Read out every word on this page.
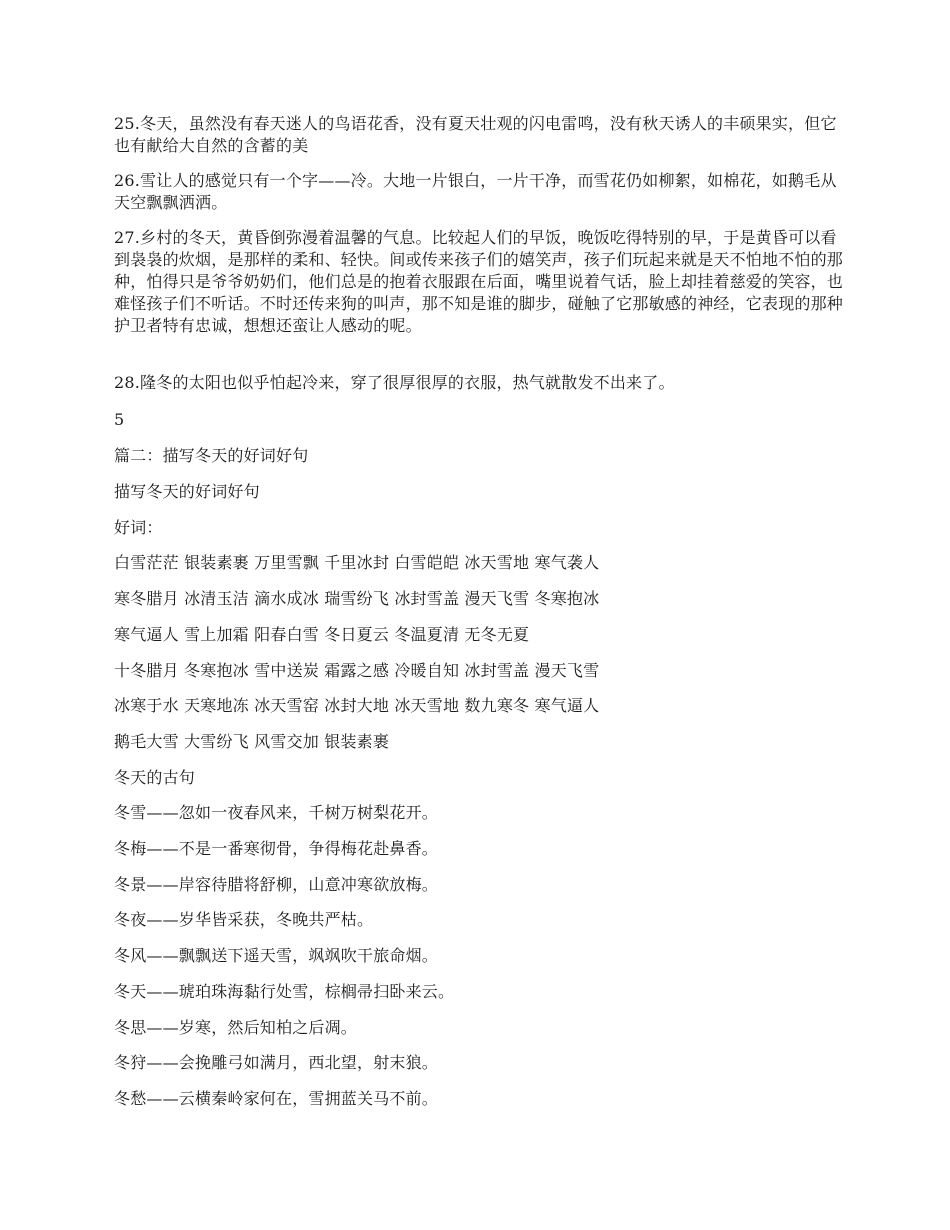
25.冬天，虽然没有春天迷人的鸟语花香，没有夏天壮观的闪电雷鸣，没有秋天诱人的丰硕果实，但它也有献给大自然的含蓄的美

26.雪让人的感觉只有一个字——冷。大地一片银白，一片干净，而雪花仍如柳絮，如棉花，如鹅毛从天空飘飘洒洒。

27.乡村的冬天，黄昏倒弥漫着温馨的气息。比较起人们的早饭，晚饭吃得特别的早，于是黄昏可以看到袅袅的炊烟，是那样的柔和、轻快。间或传来孩子们的嬉笑声，孩子们玩起来就是天不怕地不怕的那种，怕得只是爷爷奶奶们，他们总是的抱着衣服跟在后面，嘴里说着气话，脸上却挂着慈爱的笑容，也难怪孩子们不听话。不时还传来狗的叫声，那不知是谁的脚步，碰触了它那敏感的神经，它表现的那种护卫者特有忠诚，想想还蛮让人感动的呢。

28.隆冬的太阳也似乎怕起冷来，穿了很厚很厚的衣服，热气就散发不出来了。

5

篇二：描写冬天的好词好句

描写冬天的好词好句

好词：

白雪茫茫 银装素裹 万里雪飘 千里冰封 白雪皑皑 冰天雪地 寒气袭人

寒冬腊月 冰清玉洁 滴水成冰 瑞雪纷飞 冰封雪盖 漫天飞雪 冬寒抱冰

寒气逼人 雪上加霜 阳春白雪 冬日夏云 冬温夏清 无冬无夏

十冬腊月 冬寒抱冰 雪中送炭 霜露之感 冷暖自知 冰封雪盖 漫天飞雪

冰寒于水 天寒地冻 冰天雪窑 冰封大地 冰天雪地 数九寒冬 寒气逼人

鹅毛大雪 大雪纷飞 风雪交加 银装素裹

冬天的古句

冬雪——忽如一夜春风来，千树万树梨花开。

冬梅——不是一番寒彻骨，争得梅花赴鼻香。

冬景——岸容待腊将舒柳，山意冲寒欲放梅。

冬夜——岁华皆采获，冬晚共严枯。

冬风——飘飘送下遥天雪，飒飒吹干旅命烟。

冬天——琥珀珠海黏行处雪，棕榈帚扫卧来云。

冬思——岁寒，然后知柏之后凋。

冬狩——会挽雕弓如满月，西北望，射末狼。

冬愁——云横秦岭家何在，雪拥蓝关马不前。
